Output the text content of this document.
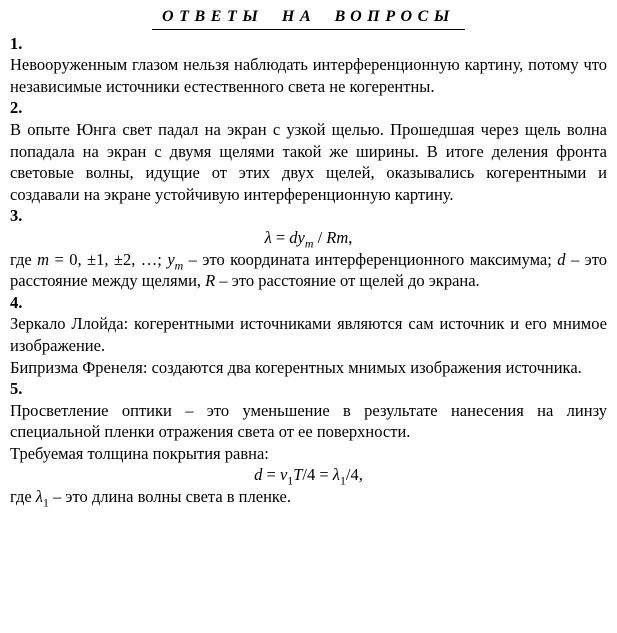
ОТВЕТЫ НА ВОПРОСЫ
1.
Невооруженным глазом нельзя наблюдать интерференционную картину, потому что независимые источники естественного света не когерентны.
2.
В опыте Юнга свет падал на экран с узкой щелью. Прошедшая через щель волна попадала на экран с двумя щелями такой же ширины. В итоге деления фронта световые волны, идущие от этих двух щелей, оказывались когерентными и создавали на экране устойчивую интерференционную картину.
3.
$\lambda = dy_m / Rm$,
где m = 0, ±1, ±2, …; $y_m$ – это координата интерференционного максимума; d – это расстояние между щелями, R – это расстояние от щелей до экрана.
4.
Зеркало Ллойда: когерентными источниками являются сам источник и его мнимое изображение.
Бипризма Френеля: создаются два когерентных мнимых изображения источника.
5.
Просветление оптики – это уменьшение в результате нанесения на линзу специальной пленки отражения света от ее поверхности.
Требуемая толщина покрытия равна:
$d = v_1T/4 = \lambda_1/4$,
где $\lambda_1$ – это длина волны света в пленке.
